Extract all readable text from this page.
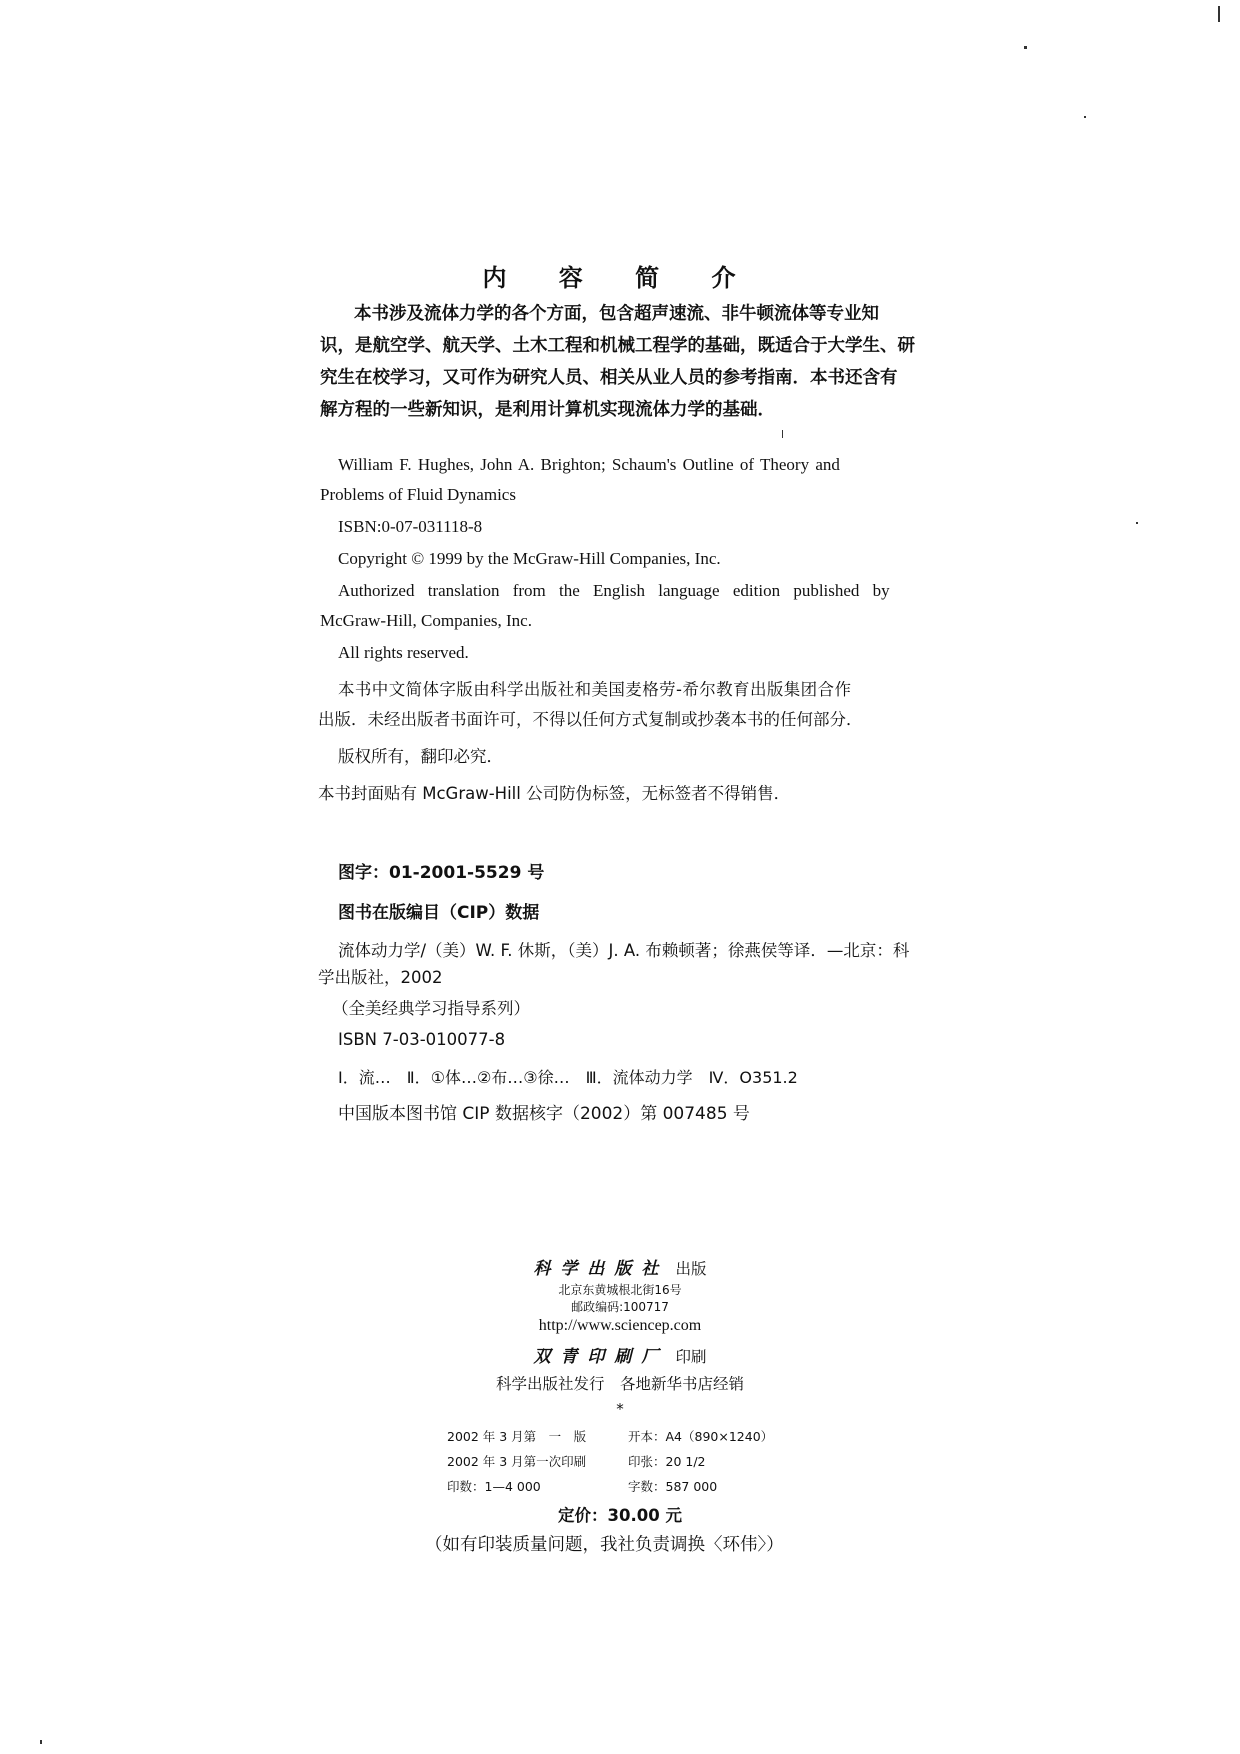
内 容 简 介
本书涉及流体力学的各个方面，包含超声速流、非牛顿流体等专业知
识，是航空学、航天学、土木工程和机械工程学的基础，既适合于大学生、研
究生在校学习，又可作为研究人员、相关从业人员的参考指南．本书还含有
解方程的一些新知识，是利用计算机实现流体力学的基础．
William F. Hughes, John A. Brighton; Schaum's Outline of Theory and
Problems of Fluid Dynamics
ISBN:0-07-031118-8
Copyright © 1999 by the McGraw-Hill Companies, Inc.
Authorized translation from the English language edition published by
McGraw-Hill, Companies, Inc.
All rights reserved.
本书中文简体字版由科学出版社和美国麦格劳-希尔教育出版集团合作
出版．未经出版者书面许可，不得以任何方式复制或抄袭本书的任何部分．
版权所有，翻印必究．
本书封面贴有 McGraw-Hill 公司防伪标签，无标签者不得销售．
图字：01-2001-5529 号
图书在版编目（CIP）数据
流体动力学/（美）W. F. 休斯，（美）J. A. 布赖顿著；徐燕侯等译．—北京：科
学出版社，2002
（全美经典学习指导系列）
ISBN 7-03-010077-8
Ⅰ．流…　Ⅱ．①体…②布…③徐…　Ⅲ．流体动力学　Ⅳ．O351.2
中国版本图书馆 CIP 数据核字（2002）第 007485 号
科学出版社 出版
北京东黄城根北街16号
邮政编码:100717
http://www.sciencep.com
双青印刷厂 印刷
科学出版社发行　各地新华书店经销
*
2002 年 3 月第　一　版	开本：A4（890×1240）
2002 年 3 月第一次印刷	印张：20 1/2
印数：1—4 000	字数：587 000
定价：30.00 元
（如有印装质量问题，我社负责调换〈环伟〉）
